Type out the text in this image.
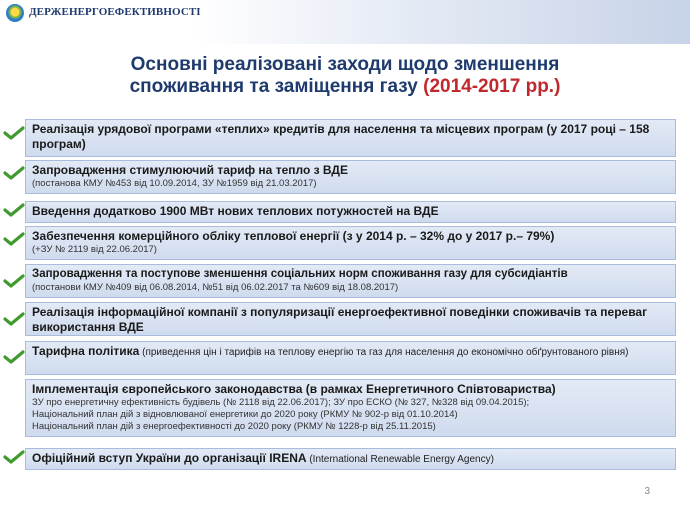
ДЕРЖЕНЕРГОЕФЕКТИВНОСТІ
Основні реалізовані заходи щодо зменшення
споживання та заміщення газу (2014-2017 рр.)
Реалізація урядової програми «теплих» кредитів для населення та місцевих програм (у 2017 році – 158 програм)
Запровадження стимулюючий тариф на тепло з ВДЕ
(постанова КМУ №453 від 10.09.2014, ЗУ №1959 від 21.03.2017)
Введення додатково 1900 МВт нових теплових потужностей на ВДЕ
Забезпечення комерційного обліку теплової енергії (з у 2014 р. – 32% до у 2017 р.– 79%)
(+ЗУ № 2119 від 22.06.2017)
Запровадження та поступове зменшення соціальних норм споживання газу для субсидіантів
(постанови КМУ №409 від 06.08.2014, №51 від 06.02.2017 та №609 від 18.08.2017)
Реалізація інформаційної компанії з популяризації енергоефективної поведінки споживачів та переваг використання ВДЕ
Тарифна політика (приведення цін і тарифів на теплову енергію та газ для населення до економічно обґрунтованого рівня)
Імплементація європейського законодавства (в рамках Енергетичного Співтовариства)
ЗУ про енергетичну ефективність будівель (№ 2118 від 22.06.2017); ЗУ про ЕСКО (№ 327, №328 від 09.04.2015);
Національний план дій з відновлюваної енергетики до 2020 року (РКМУ № 902-р від 01.10.2014)
Національний план дій з енергоефективності до 2020 року (РКМУ № 1228-р від 25.11.2015)
Офіційний вступ України до організації IRENA (International Renewable Energy Agency)
3
